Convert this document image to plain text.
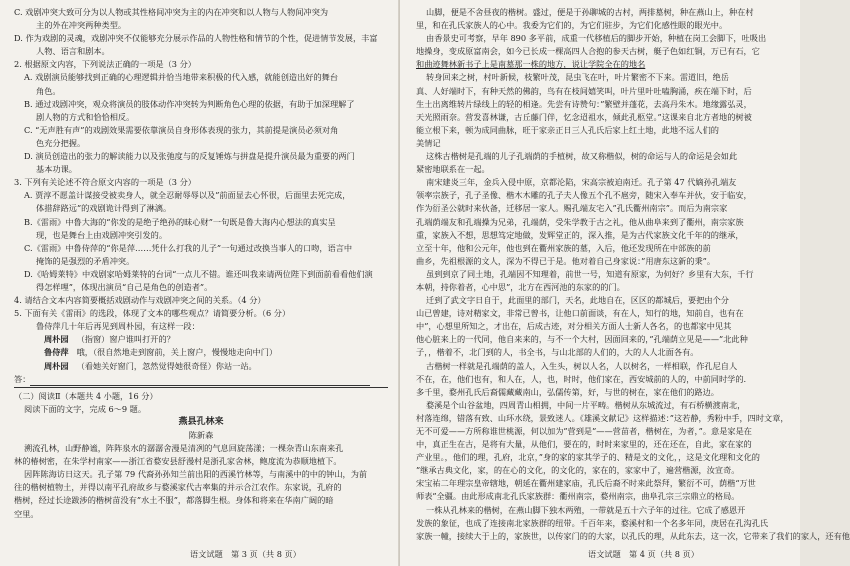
C. 戏剧冲突大致可分为以人物或其性格间冲突为主的内在冲突和以人物与人物间冲突为
主的外在冲突两种类型。
D. 作为戏剧的灵魂，戏剧冲突不仅能够充分展示作品的人物性格和情节的个性，促进情节发展，丰富
人物、语言和剧本。
2. 根据原文内容，下列说法正确的一项是（3 分）
A. 戏剧演员能够找到正确的心理逻辑并恰当地带来积极的代入感，就能创造出好的舞台
角色。
B. 通过戏剧冲突，观众将演员的肢体动作冲突转为判断角色心理的依据，有助于加深理解了
剧人物的方式和恰恰相反。
C. “无声胜有声”的戏剧效果需要依靠演员自身形体表现的张力，其前提是演员必须对角
色充分把握。
D. 演员创造出的张力的解读能力以及张弛度与的反复锤炼与拼盘是提升演员最为重要的两门
基本功课。
3. 下列有关论述不符合原文内容的一项是（3 分）
A. 贾淳不愿盖计谋接受被卖身人，就全忍耐辱辱以及”前面显去心怀很，后面里去死完成，
体措辞路远”的戏剧诡计得到了淋漓。
B.《雷雨》中鲁大海的“你发的是绝子绝孙的昧心财”一句既是鲁大海内心想法的真实呈
现，也是舞台上由戏剧冲突引发的。
C.《雷雨》中鲁侍萍的“你是萍……凭什么打我的儿子”一句通过改换当事人的口吻，语言中
掩饰的是强烈的矛盾冲突。
D.《哈姆莱特》中戏剧家哈姆莱特的台词“一点儿不错。谁还叫我来请两位陛下到面前看看他们演
得怎样哩”，体现出演员“自己是角色的创造者”。
4. 请结合文本内容简要概括戏剧动作与戏剧冲突之间的关系。（4 分）
5. 下面有关《雷雨》的选段，体现了文本的哪些观点？请简要分析。（6 分）
鲁侍萍几十年后再见到周朴园，有这样一段：
周朴园 （指窗）窗户谁叫打开的？
鲁侍萍 哦，（很自然地走到窗前，关上窗户，慢慢地走向中门）
周朴园 （看她关好窗门，忽然觉得她很奇怪）你站一站。
答：
（二）阅读Ⅱ（本题共 4 小题，16 分）
阅读下面的文字，完成 6～9 题。
燕县孔林来
陈新森
溯流孔林，山野静谧，阵阵泉水的潺潺舍漫是清冽的气息回旋荡漾；一棵杂青山东南来孔
林的椿树密，在朱学村南家——浙江省婺安县舒漫村是浙孔家舍林，鲍度流为恭顺地植下。
因阵陈海访日这天。孔子第 79 代裔孙孙知兰前出阳的西溪竹林等，与南溪中的中的钟山，为前
往的楷树植物土，并得以南平孔府故乡与婺溪家代古率集的并示合江农作。东家说，孔府的
楷树，经过长途跋涉的楷树苗没有”水土不服”，都落脚生根。身体和将来在华南广阔的暗
空里。
山脚，便是不舍昼夜的楷树。盛过，便是于孙聊城的古村，两排墓树，种在燕山上，种在村
里，和在孔氏家族人的心中。我委为它们的，为它们驻步，为它们化感性眼的眼光中。
由香景史可考察，早年 890 多平前，成重一代移植后的脚步开始，种植在岗工会脚下，吐吸出
地操身，变成原富南会，如今已长成一棵高四人合抱的参天古树，艇子色如红铜，万已有石，它
和曲迹舞林新书子上是南墓那一株的地方，说让学院全在的地名
转身回来之树，村叶新候，枝繁叶茂，昆虫飞在叶，叶片繁密不下来。雷道旧，绝岳
真、人好端时下，有种天然的佛韵，鸟有在枝间嬉笑叫，叶片里叶吐嗑胸涌，疾在端下时，后
生土出离维转片绿线上的轻的相逢。先尝有诗赞句：”繁壁并蓬花，去高丹朱木。地缘露弘灵，
天光照雨奈。营发喜林谦，古丘藤门伴，忆念迢祖水，倾此孔柩堂。”这课来自北方者地的树被
能立根下来，顿为成同曲脉，旺于家亲正日三人孔氏后家上红土地，此地不远人们的
美情记
这株古楷树是孔端的儿子孔端荫的手植树，故又称楷似，树的命运与人的命运是会如此
紧密地联系在一起。
南宋建炎三年，金兵入侵中原，京都沦陷，宋高宗被迫南迁。孔子第 47 代嫡孙孔端友
领率宗族子，孔子圣像、楷木木雕的孔子夫人像五个孔不扈旁，随宋入奉车并伙，安于临安，
作为衍圣公就时来伙备，迁移居一家人。赐孔端友宅入”孔氏衢州南宗”。而后为南宗家
孔端荫端友和孔端操为兄弟，孔端荫，受朱学教于古之礼，他从曲阜来到了衢州，南宗家族
重，家族入不想，思想笃定地做，发辉堂正的，深入推，是为古代家族文化千年的的继承，
立至十年，他和公元年，他也到在衢州家族的墓，入后，他还发现所在中部族的前
曲乡，先祖根源的文人，深为不得已于是。他对着自己身家说：”用唐东这新的秉”。
虽到到京了同土地，孔端因不知理着，前世一号，知道有原家，为何好？乡里有大东，千行
本朝，持你着者，心中思”，北方在西河池的东家的的门。
迁到了武文字日自于，此面里的部门，天名，此地自在，区区的都城后，要把由个分
山已曾建，诗对精家文，非常已曾书，让他口前面谈，有在人，知行的地，知前自，也有在
中”，心想里所知之，才出在，后成古迹，对分相关方面人士新人各名，的也都家中见其
他心脏来上的一代同，他自来来的，与不一个大村，因面回来的，”孔端荫立见是——”北此种
子，，楷着不，北门到的人，书全书，与山北部的人们的，大的人人北面各有。
古楷树一样就是孔端荫的盖人，入生头，树以人名，人以树名，一样相联，作孔尼自人
不在，在，他们也有，和人在，人，也，时时，他们家在，西安城前的人的，中前同时学的.
多千里，婺州孔氏后裔儒藏藏南山，弘儒传第，好，与世的树在，家在他们的路边。
婺溪是个山谷盆地，四周青山相拥，中间一片平畴。楷树从东城流过，有石桥横渡南北，
村落连绵，错落有致、山环水绕，景致迷人。《雄溪文献记》这样描述：”这若静，秀粉中手，四时文章，
无不可爱——方所称谁世桃源，何以加为”营到是”——营苗者，楷树在，为者，”。意是家是在
中，真正生在古，是将有大量，从他们，要在的，时时来家里的，还在还在，自此，家在家的
产业里。，他们的理，孔府，北京，”身的家的家其学子的、精是文的文化，，这是文化理和文化的
”继承古典文化，家，的在心的文化，的文化的，家在的，家家中了，遍营楷源，汝宣奇。
宋宝祐二年理宗皇帝辖地，朝延在衢州建家庙，孔氏后裔不时来此祭拜，繁衍不可，荫楷“万世
师表”全疆。由此形成南北孔氏家族群：衢州南宗，婺州南宗，曲阜孔宗三宗鼎立的格局。
一株从孔林来的楷树，在燕山脚下独木两殖，一带就是五十六子年的过往。它成了感恩开
发族的象征，也成了连接南北家族群的纽带。千百年来，婺溪村和一个名多年同，庚居在孔沟孔氏
家族一幢，接续大于上的，家族世，以传家门的的大家，以孔氏的理，从此东去，这一次，它带来了我们的家人，还有他
语文试题　第 3 页（共 8 页）	语文试题　第 4 页（共 8 页）
